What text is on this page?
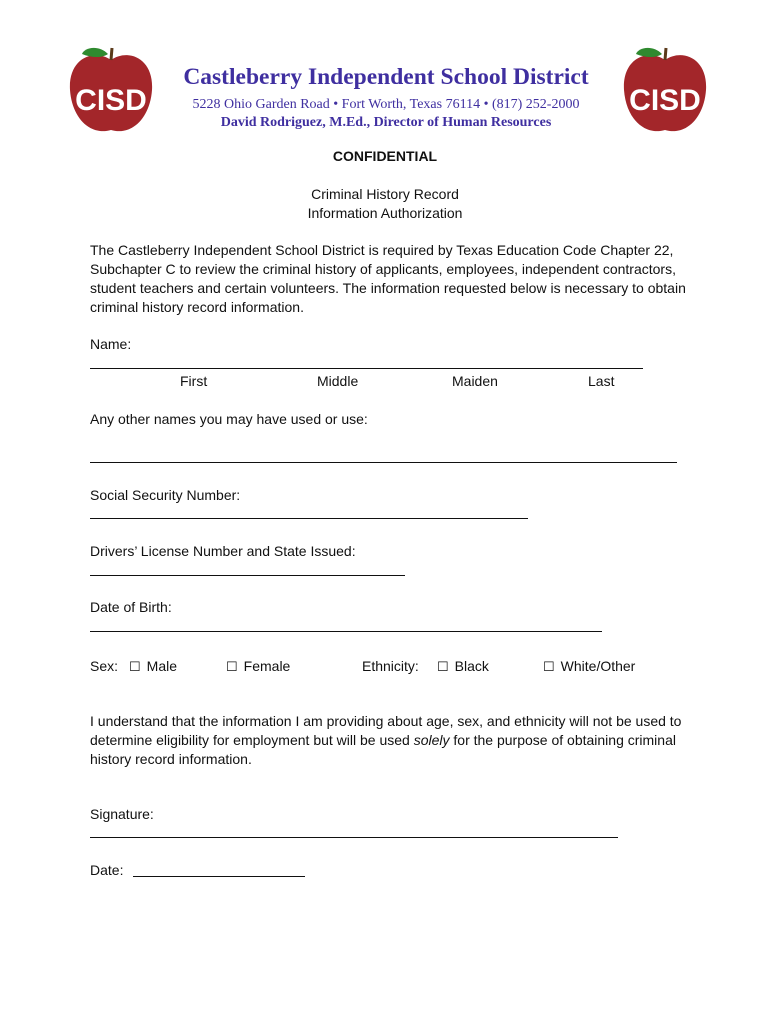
CISD	CISD
Castleberry Independent School District
5228 Ohio Garden Road • Fort Worth, Texas 76114 • (817) 252-2000
David Rodriguez, M.Ed., Director of Human Resources
CONFIDENTIAL
Criminal History Record
Information Authorization
The Castleberry Independent School District is required by Texas Education Code Chapter 22, Subchapter C to review the criminal history of applicants, employees, independent contractors, student teachers and certain volunteers. The information requested below is necessary to obtain criminal history record information.
Name:
First	Middle	Maiden	Last
Any other names you may have used or use:
Social Security Number:
Drivers’ License Number and State Issued:
Date of Birth:
Sex: ☐ Male	☐ Female	Ethnicity: ☐ Black	☐ White/Other
I understand that the information I am providing about age, sex, and ethnicity will not be used to determine eligibility for employment but will be used solely for the purpose of obtaining criminal history record information.
Signature:
Date:
